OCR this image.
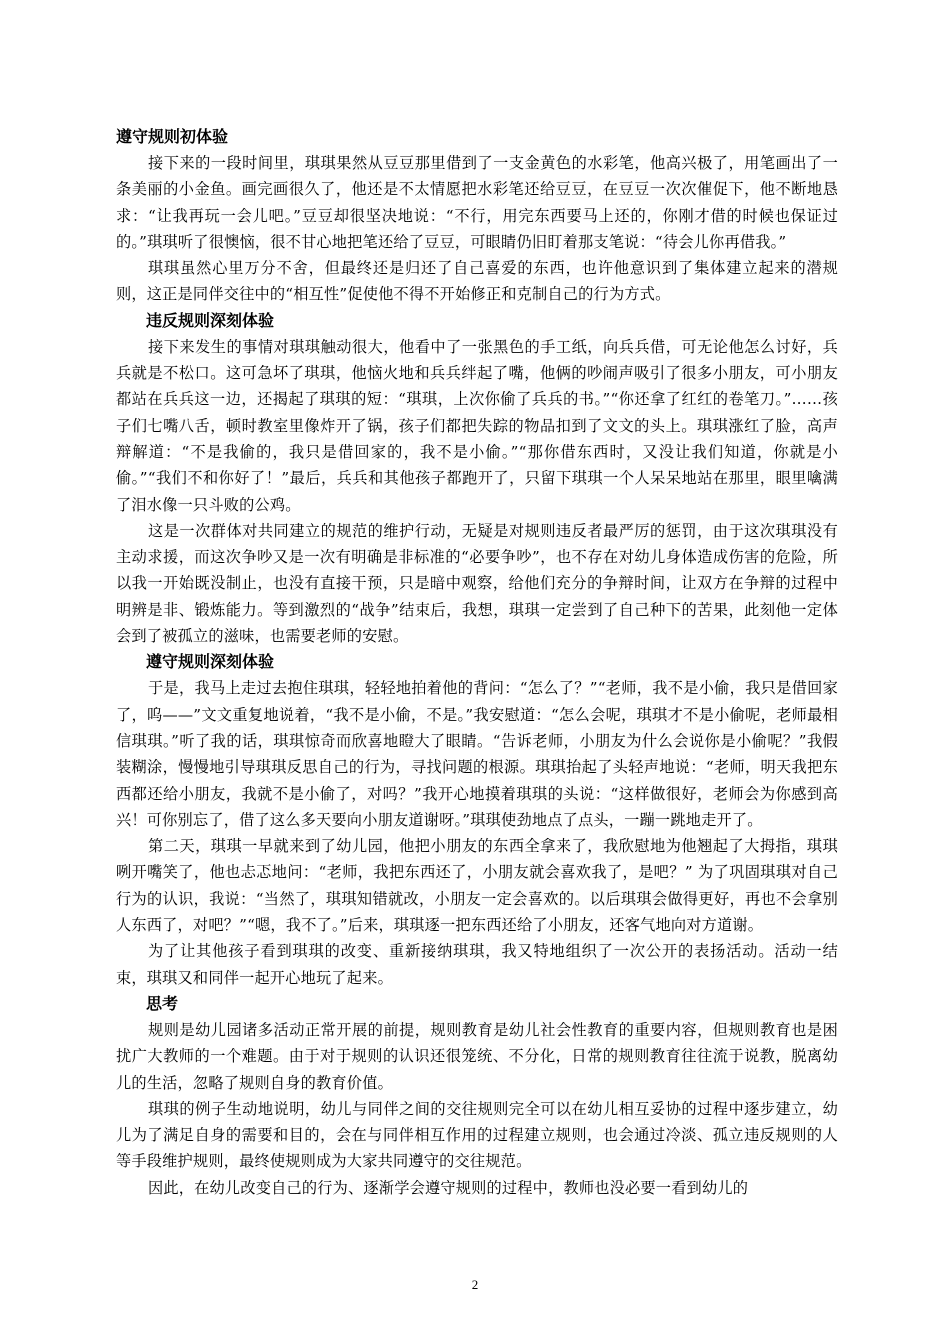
遵守规则初体验

接下来的一段时间里，琪琪果然从豆豆那里借到了一支金黄色的水彩笔，他高兴极了，用笔画出了一条美丽的小金鱼。画完画很久了，他还是不太情愿把水彩笔还给豆豆，在豆豆一次次催促下，他不断地恳求：“让我再玩一会儿吧。”豆豆却很坚决地说：“不行，用完东西要马上还的，你刚才借的时候也保证过的。”琪琪听了很懊恼，很不甘心地把笔还给了豆豆，可眼睛仍旧盯着那支笔说：“待会儿你再借我。”

琪琪虽然心里万分不舍，但最终还是归还了自己喜爱的东西，也许他意识到了集体建立起来的潜规则，这正是同伴交往中的“相互性”促使他不得不开始修正和克制自己的行为方式。

违反规则深刻体验

接下来发生的事情对琪琪触动很大，他看中了一张黑色的手工纸，向兵兵借，可无论他怎么讨好，兵兵就是不松口。这可急坏了琪琪，他恼火地和兵兵绊起了嘴，他俩的吵闹声吸引了很多小朋友，可小朋友都站在兵兵这一边，还揭起了琪琪的短：“琪琪，上次你偷了兵兵的书。”“你还拿了红红的卷笔刀。”……孩子们七嘴八舌，顿时教室里像炸开了锅，孩子们都把失踪的物品扣到了文文的头上。琪琪涨红了脸，高声辩解道：“不是我偷的，我只是借回家的，我不是小偷。”“那你借东西时，又没让我们知道，你就是小偷。”“我们不和你好了！”最后，兵兵和其他孩子都跑开了，只留下琪琪一个人呆呆地站在那里，眼里噙满了泪水像一只斗败的公鸡。

这是一次群体对共同建立的规范的维护行动，无疑是对规则违反者最严厉的惩罚，由于这次琪琪没有主动求援，而这次争吵又是一次有明确是非标准的“必要争吵”，也不存在对幼儿身体造成伤害的危险，所以我一开始既没制止，也没有直接干预，只是暗中观察，给他们充分的争辩时间，让双方在争辩的过程中明辨是非、锻炼能力。等到激烈的“战争”结束后，我想，琪琪一定尝到了自己种下的苦果，此刻他一定体会到了被孤立的滋味，也需要老师的安慰。

遵守规则深刻体验

于是，我马上走过去抱住琪琪，轻轻地拍着他的背问：“怎么了？”“老师，我不是小偷，我只是借回家了，呜——”文文重复地说着，“我不是小偷，不是。”我安慰道：“怎么会呢，琪琪才不是小偷呢，老师最相信琪琪。”听了我的话，琪琪惊奇而欣喜地瞪大了眼睛。“告诉老师，小朋友为什么会说你是小偷呢？”我假装糊涂，慢慢地引导琪琪反思自己的行为，寻找问题的根源。琪琪抬起了头轻声地说：“老师，明天我把东西都还给小朋友，我就不是小偷了，对吗？”我开心地摸着琪琪的头说：“这样做很好，老师会为你感到高兴！可你别忘了，借了这么多天要向小朋友道谢呀。”琪琪使劲地点了点头，一蹦一跳地走开了。

第二天，琪琪一早就来到了幼儿园，他把小朋友的东西全拿来了，我欣慰地为他翘起了大拇指，琪琪咧开嘴笑了，他也忐忑地问：“老师，我把东西还了，小朋友就会喜欢我了，是吧？” 为了巩固琪琪对自己行为的认识，我说：“当然了，琪琪知错就改，小朋友一定会喜欢的。以后琪琪会做得更好，再也不会拿别人东西了，对吧？”“嗯，我不了。”后来，琪琪逐一把东西还给了小朋友，还客气地向对方道谢。

为了让其他孩子看到琪琪的改变、重新接纳琪琪，我又特地组织了一次公开的表扬活动。活动一结束，琪琪又和同伴一起开心地玩了起来。

思考

规则是幼儿园诸多活动正常开展的前提，规则教育是幼儿社会性教育的重要内容，但规则教育也是困扰广大教师的一个难题。由于对于规则的认识还很笼统、不分化，日常的规则教育往往流于说教，脱离幼儿的生活，忽略了规则自身的教育价值。

琪琪的例子生动地说明，幼儿与同伴之间的交往规则完全可以在幼儿相互妥协的过程中逐步建立，幼儿为了满足自身的需要和目的，会在与同伴相互作用的过程建立规则，也会通过冷淡、孤立违反规则的人等手段维护规则，最终使规则成为大家共同遵守的交往规范。

因此，在幼儿改变自己的行为、逐渐学会遵守规则的过程中，教师也没必要一看到幼儿的

2
